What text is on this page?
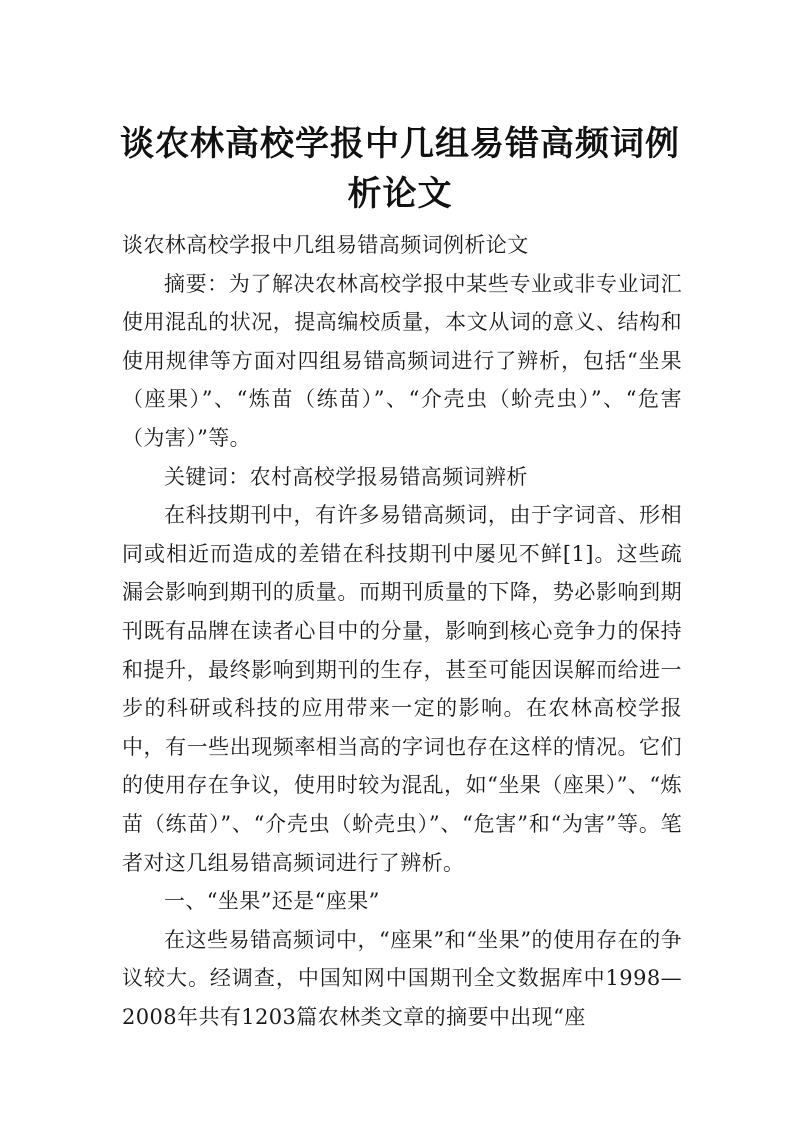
谈农林高校学报中几组易错高频词例析论文

谈农林高校学报中几组易错高频词例析论文

摘要：为了解决农林高校学报中某些专业或非专业词汇使用混乱的状况，提高编校质量，本文从词的意义、结构和使用规律等方面对四组易错高频词进行了辨析，包括“坐果（座果）”、“炼苗（练苗）”、“介壳虫（蚧壳虫）”、“危害（为害）”等。

关键词：农村高校学报易错高频词辨析

在科技期刊中，有许多易错高频词，由于字词音、形相同或相近而造成的差错在科技期刊中屡见不鲜[1]。这些疏漏会影响到期刊的质量。而期刊质量的下降，势必影响到期刊既有品牌在读者心目中的分量，影响到核心竞争力的保持和提升，最终影响到期刊的生存，甚至可能因误解而给进一步的科研或科技的应用带来一定的影响。在农林高校学报中，有一些出现频率相当高的字词也存在这样的情况。它们的使用存在争议，使用时较为混乱，如“坐果（座果）”、“炼苗（练苗）”、“介壳虫（蚧壳虫）”、“危害”和“为害”等。笔者对这几组易错高频词进行了辨析。

一、“坐果”还是“座果”

在这些易错高频词中，“座果”和“坐果”的使用存在的争议较大。经调查，中国知网中国期刊全文数据库中1998—2008年共有1203篇农林类文章的摘要中出现“座
